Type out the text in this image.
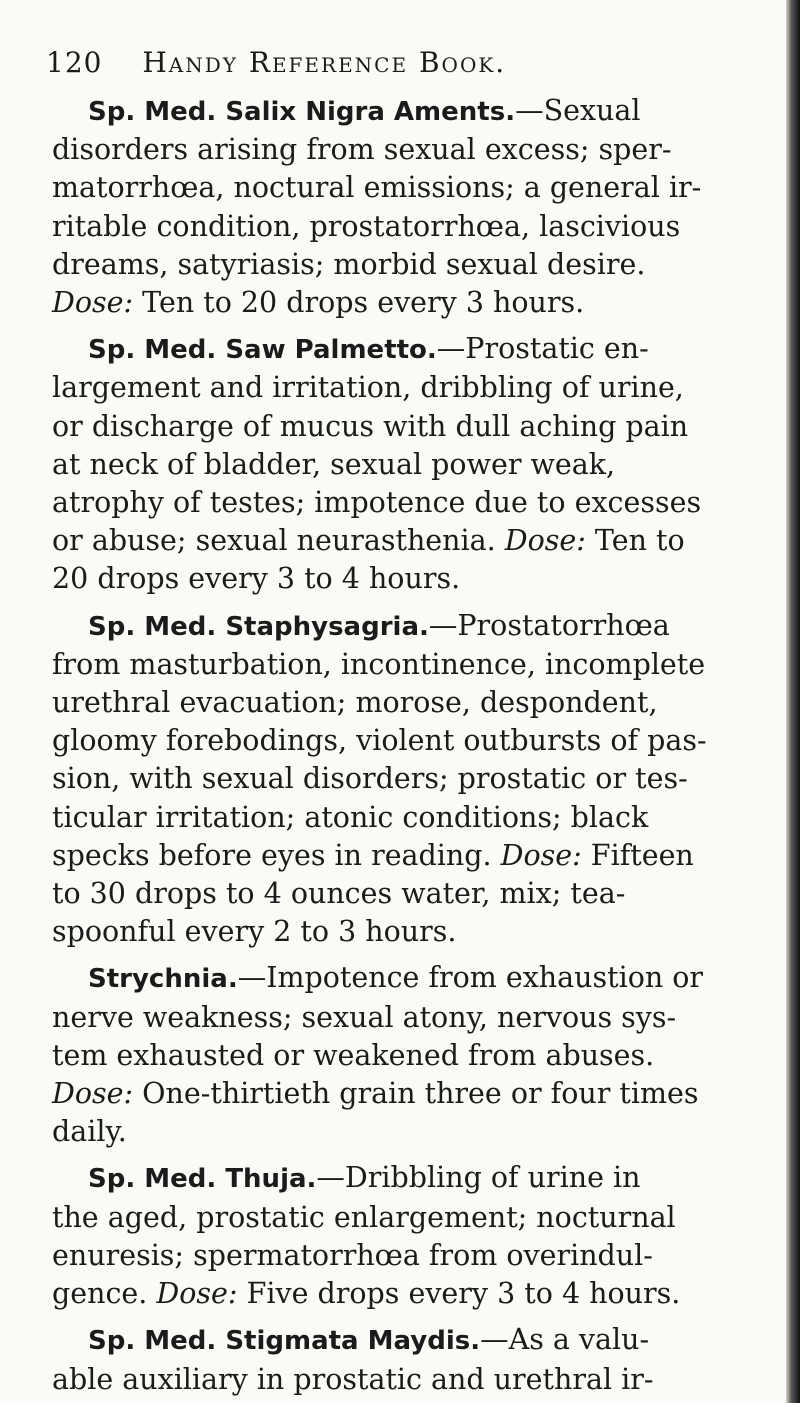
120 Handy Reference Book.
Sp. Med. Salix Nigra Aments.—Sexual
disorders arising from sexual excess; sper-
matorrhœa, noctural emissions; a general ir-
ritable condition, prostatorrhœa, lascivious
dreams, satyriasis; morbid sexual desire.
Dose: Ten to 20 drops every 3 hours.
Sp. Med. Saw Palmetto.—Prostatic en-
largement and irritation, dribbling of urine,
or discharge of mucus with dull aching pain
at neck of bladder, sexual power weak,
atrophy of testes; impotence due to excesses
or abuse; sexual neurasthenia. Dose: Ten to
20 drops every 3 to 4 hours.
Sp. Med. Staphysagria.—Prostatorrhœa
from masturbation, incontinence, incomplete
urethral evacuation; morose, despondent,
gloomy forebodings, violent outbursts of pas-
sion, with sexual disorders; prostatic or tes-
ticular irritation; atonic conditions; black
specks before eyes in reading. Dose: Fifteen
to 30 drops to 4 ounces water, mix; tea-
spoonful every 2 to 3 hours.
Strychnia.—Impotence from exhaustion or
nerve weakness; sexual atony, nervous sys-
tem exhausted or weakened from abuses.
Dose: One-thirtieth grain three or four times
daily.
Sp. Med. Thuja.—Dribbling of urine in
the aged, prostatic enlargement; nocturnal
enuresis; spermatorrhœa from overindul-
gence. Dose: Five drops every 3 to 4 hours.
Sp. Med. Stigmata Maydis.—As a valu-
able auxiliary in prostatic and urethral ir-
